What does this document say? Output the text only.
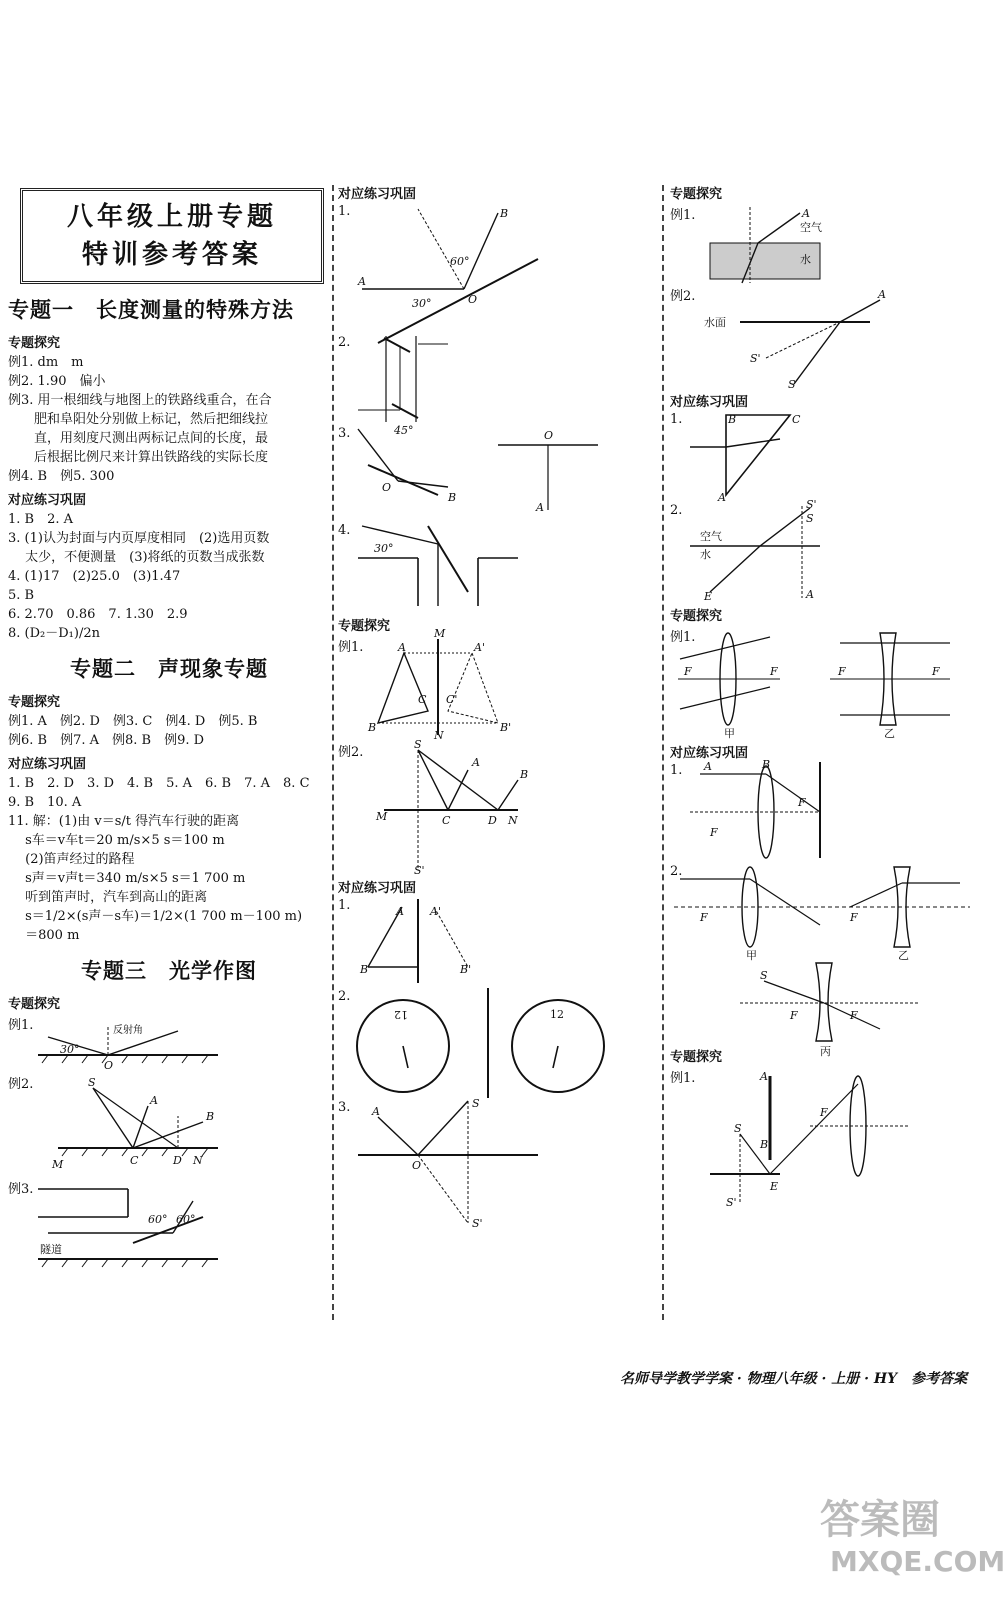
八年级上册专题
特训参考答案
专题一　长度测量的特殊方法
专题探究

例1. dm　m

例2. 1.90　偏小

例3. 用一根细线与地图上的铁路线重合，在合

　　肥和阜阳处分别做上标记，然后把细线拉

　　直，用刻度尺测出两标记点间的长度，最

　　后根据比例尺来计算出铁路线的实际长度

例4. B　例5. 300

对应练习巩固

1. B　2. A

3. (1)认为封面与内页厚度相同　(2)选用页数

　 太少，不便测量　(3)将纸的页数当成张数

4. (1)17　(2)25.0　(3)1.47

5. B

6. 2.70　0.86　7. 1.30　2.9

8. (D₂－D₁)/2n

专题二　声现象专题
专题探究

例1. A　例2. D　例3. C　例4. D　例5. B

例6. B　例7. A　例8. B　例9. D

对应练习巩固

1. B　2. D　3. D　4. B　5. A　6. B　7. A　8. C

9. B　10. A

11. 解：(1)由 v＝s/t 得汽车行驶的距离

　 s车＝v车t＝20 m/s×5 s＝100 m

　 (2)笛声经过的路程

　 s声＝v声t＝340 m/s×5 s＝1 700 m

　 听到笛声时，汽车到高山的距离

　 s＝1/2×(s声－s车)＝1/2×(1 700 m－100 m)

　 ＝800 m

专题三　光学作图
专题探究
例1.
30°
O
反射角
例2.	S
A
B
M	C	D N
例3.
60° 60°
隧道
对应练习巩固
1.
A
B
O
60°
30°
2.
45°
3.
O
B
O
A
4.
30°
专题探究
例1.
M
N
A	A'
B	B'
C C'
例2.
S
A
B
M	C	D N
S'
对应练习巩固
1.	A A'
B	B'
2.
12	12
3.	S
A
O
S'
专题探究
例1.	A
空气
水
例2.
水面
S'
S
A
对应练习巩固
1.	B	C
A
2.
空气
水
S'
S
E	A
专题探究
例1.
F	F	F	F
甲	乙
对应练习巩固
1.	A	B
F
F
2.
F	F
甲	乙
S
F	F
丙
专题探究
例1.
S
A
B
E
S'
F
名师导学教学学案 · 物理八年级 · 上册 · HY　参考答案
答案圈
MXQE.COM
